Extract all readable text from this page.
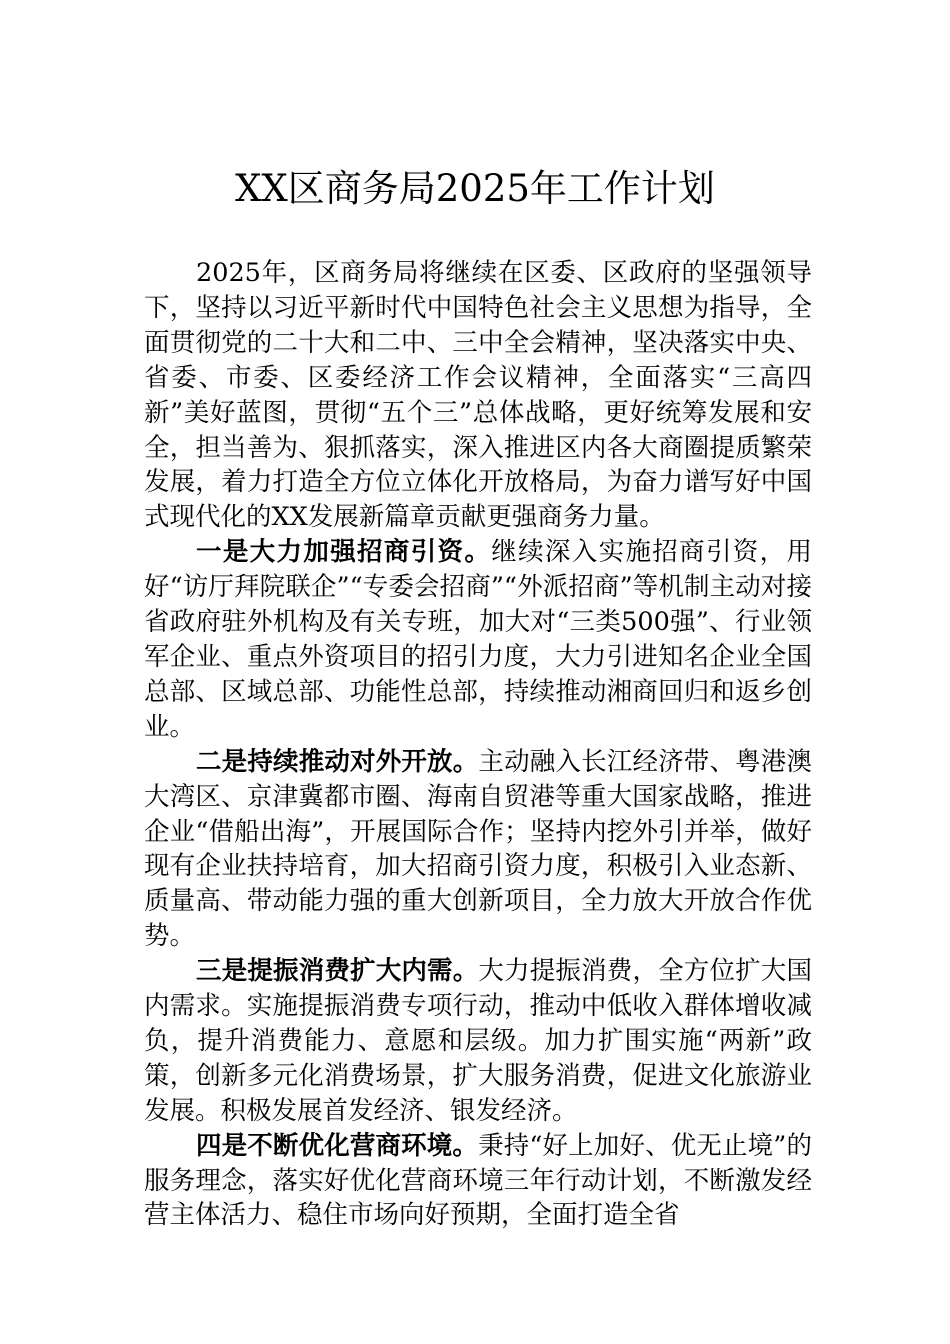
XX区商务局2025年工作计划

2025年，区商务局将继续在区委、区政府的坚强领导下，坚持以习近平新时代中国特色社会主义思想为指导，全面贯彻党的二十大和二中、三中全会精神，坚决落实中央、省委、市委、区委经济工作会议精神，全面落实“三高四新”美好蓝图，贯彻“五个三”总体战略，更好统筹发展和安全，担当善为、狠抓落实，深入推进区内各大商圈提质繁荣发展，着力打造全方位立体化开放格局，为奋力谱写好中国式现代化的XX发展新篇章贡献更强商务力量。

一是大力加强招商引资。继续深入实施招商引资，用好“访厅拜院联企”“专委会招商”“外派招商”等机制主动对接省政府驻外机构及有关专班，加大对“三类500强”、行业领军企业、重点外资项目的招引力度，大力引进知名企业全国总部、区域总部、功能性总部，持续推动湘商回归和返乡创业。

二是持续推动对外开放。主动融入长江经济带、粤港澳大湾区、京津冀都市圈、海南自贸港等重大国家战略，推进企业“借船出海”，开展国际合作；坚持内挖外引并举，做好现有企业扶持培育，加大招商引资力度，积极引入业态新、质量高、带动能力强的重大创新项目，全力放大开放合作优势。

三是提振消费扩大内需。大力提振消费，全方位扩大国内需求。实施提振消费专项行动，推动中低收入群体增收减负，提升消费能力、意愿和层级。加力扩围实施“两新”政策，创新多元化消费场景，扩大服务消费，促进文化旅游业发展。积极发展首发经济、银发经济。

四是不断优化营商环境。秉持“好上加好、优无止境”的服务理念，落实好优化营商环境三年行动计划，不断激发经营主体活力、稳住市场向好预期，全面打造全省
